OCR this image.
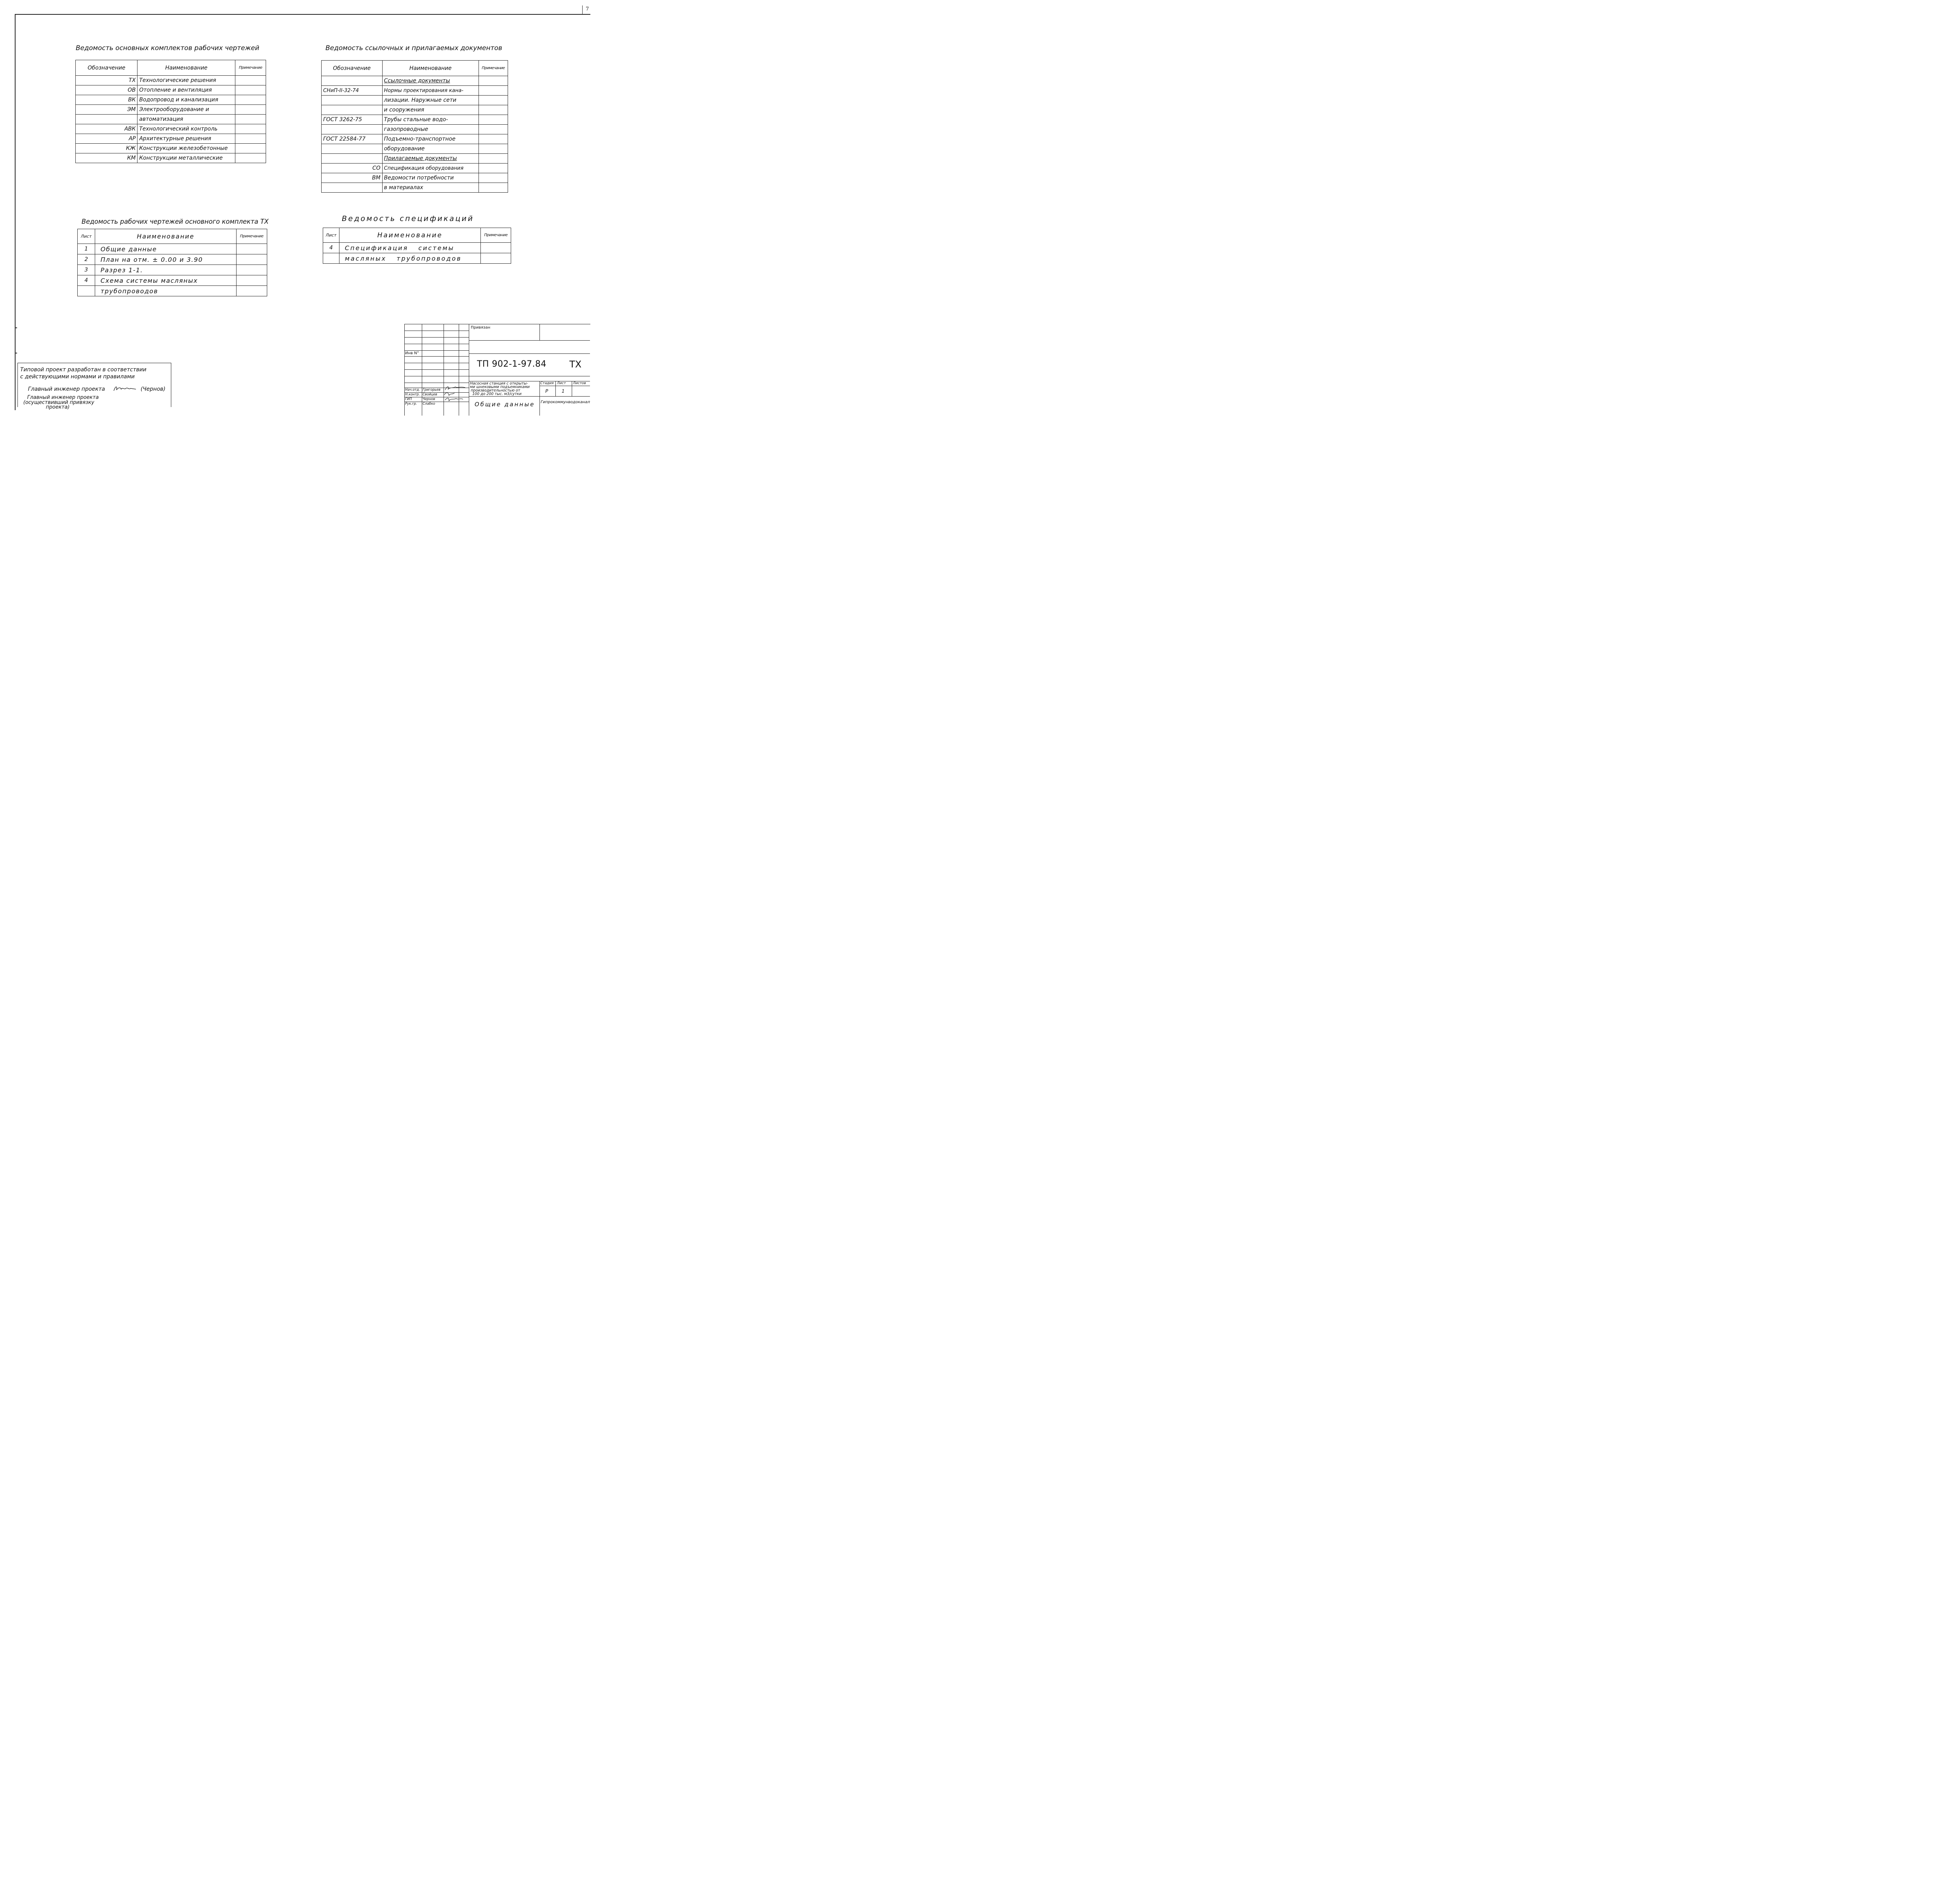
7
Ведомость основных комплектов рабочих чертежей
Обозначение	Наименование	Примечание
ТХ	Технологические решения	
ОВ	Отопление и вентиляция	
ВК	Водопровод и канализация	
ЭМ	Электрооборудование и	
	автоматизация	
АВК	Технологический контроль	
АР	Архитектурные решения	
КЖ	Конструкции железобетонные	
КМ	Конструкции металлические	
Ведомость ссылочных и прилагаемых документов
Обозначение	Наименование	Примечание
	Ссылочные документы	
СНиП-II-32-74	Нормы проектирования кана-	
	лизации. Наружные сети	
	и сооружения	
ГОСТ 3262-75	Трубы стальные водо-	
	газопроводные	
ГОСТ 22584-77	Подъемно-транспортное	
	оборудование	
	Прилагаемые документы	
СО	Спецификация оборудования	
ВМ	Ведомости потребности	
	в материалах	
Ведомость рабочих чертежей основного комплекта ТХ
Лист	Наименование	Примечание
1	Общие данные	
2	План на отм. ± 0.00 и 3.90	
3	Разрез 1-1.	
4	Схема системы масляных	
	трубопроводов	
Ведомость спецификаций
Лист	Наименование	Примечание
4	Спецификация системы	
	масляных трубопроводов	
Типовой проект разработан в соответствии
с действующими нормами и правилами
Главный инженер проекта	(Чернов)
Главный инженер проекта
(осуществивший привязку
проекта)
Инв N°
Нач.отд.
Н.контр.
ГИП
Рук.гр.
Григорьев
Свойцев
Чернов
Слабко
Привязан
ТП 902-1-97.84 ТХ
Насосная станция с открыты-
ми шнековыми подъемниками
производительностью от
100 до 200 тыс. м3/сутки
Стадия Лист Листов
Р	1
Общие данные Гипрокоммунводоканал
